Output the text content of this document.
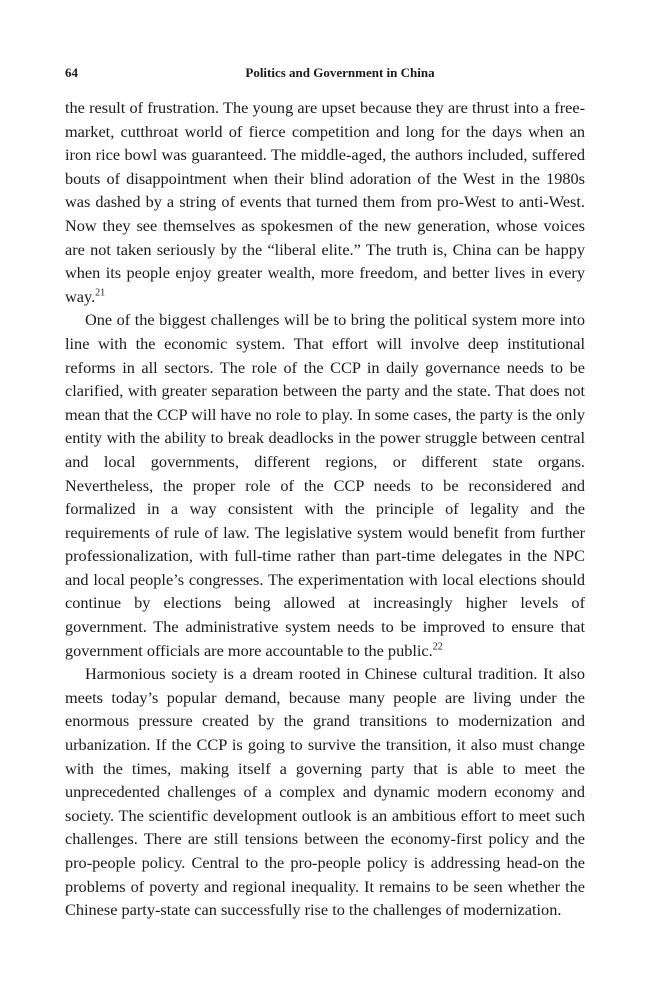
64	Politics and Government in China

the result of frustration. The young are upset because they are thrust into a free-market, cutthroat world of fierce competition and long for the days when an iron rice bowl was guaranteed. The middle-aged, the authors included, suffered bouts of disappointment when their blind adoration of the West in the 1980s was dashed by a string of events that turned them from pro-West to anti-West. Now they see themselves as spokesmen of the new generation, whose voices are not taken seriously by the “liberal elite.” The truth is, China can be happy when its people enjoy greater wealth, more freedom, and better lives in every way.$^{21}$

One of the biggest challenges will be to bring the political system more into line with the economic system. That effort will involve deep institutional reforms in all sectors. The role of the CCP in daily governance needs to be clarified, with greater separation between the party and the state. That does not mean that the CCP will have no role to play. In some cases, the party is the only entity with the ability to break deadlocks in the power struggle between central and local governments, different regions, or different state organs. Nevertheless, the proper role of the CCP needs to be reconsidered and formalized in a way consistent with the principle of legality and the requirements of rule of law. The legislative system would benefit from further professionalization, with full-time rather than part-time delegates in the NPC and local people’s congresses. The experimentation with local elections should continue by elections being allowed at increasingly higher levels of government. The administrative system needs to be improved to ensure that government officials are more accountable to the public.$^{22}$

Harmonious society is a dream rooted in Chinese cultural tradition. It also meets today’s popular demand, because many people are living under the enormous pressure created by the grand transitions to modernization and urbanization. If the CCP is going to survive the transition, it also must change with the times, making itself a governing party that is able to meet the unprecedented challenges of a complex and dynamic modern economy and society. The scientific development outlook is an ambitious effort to meet such challenges. There are still tensions between the economy-first policy and the pro-people policy. Central to the pro-people policy is addressing head-on the problems of poverty and regional inequality. It remains to be seen whether the Chinese party-state can successfully rise to the challenges of modernization.
